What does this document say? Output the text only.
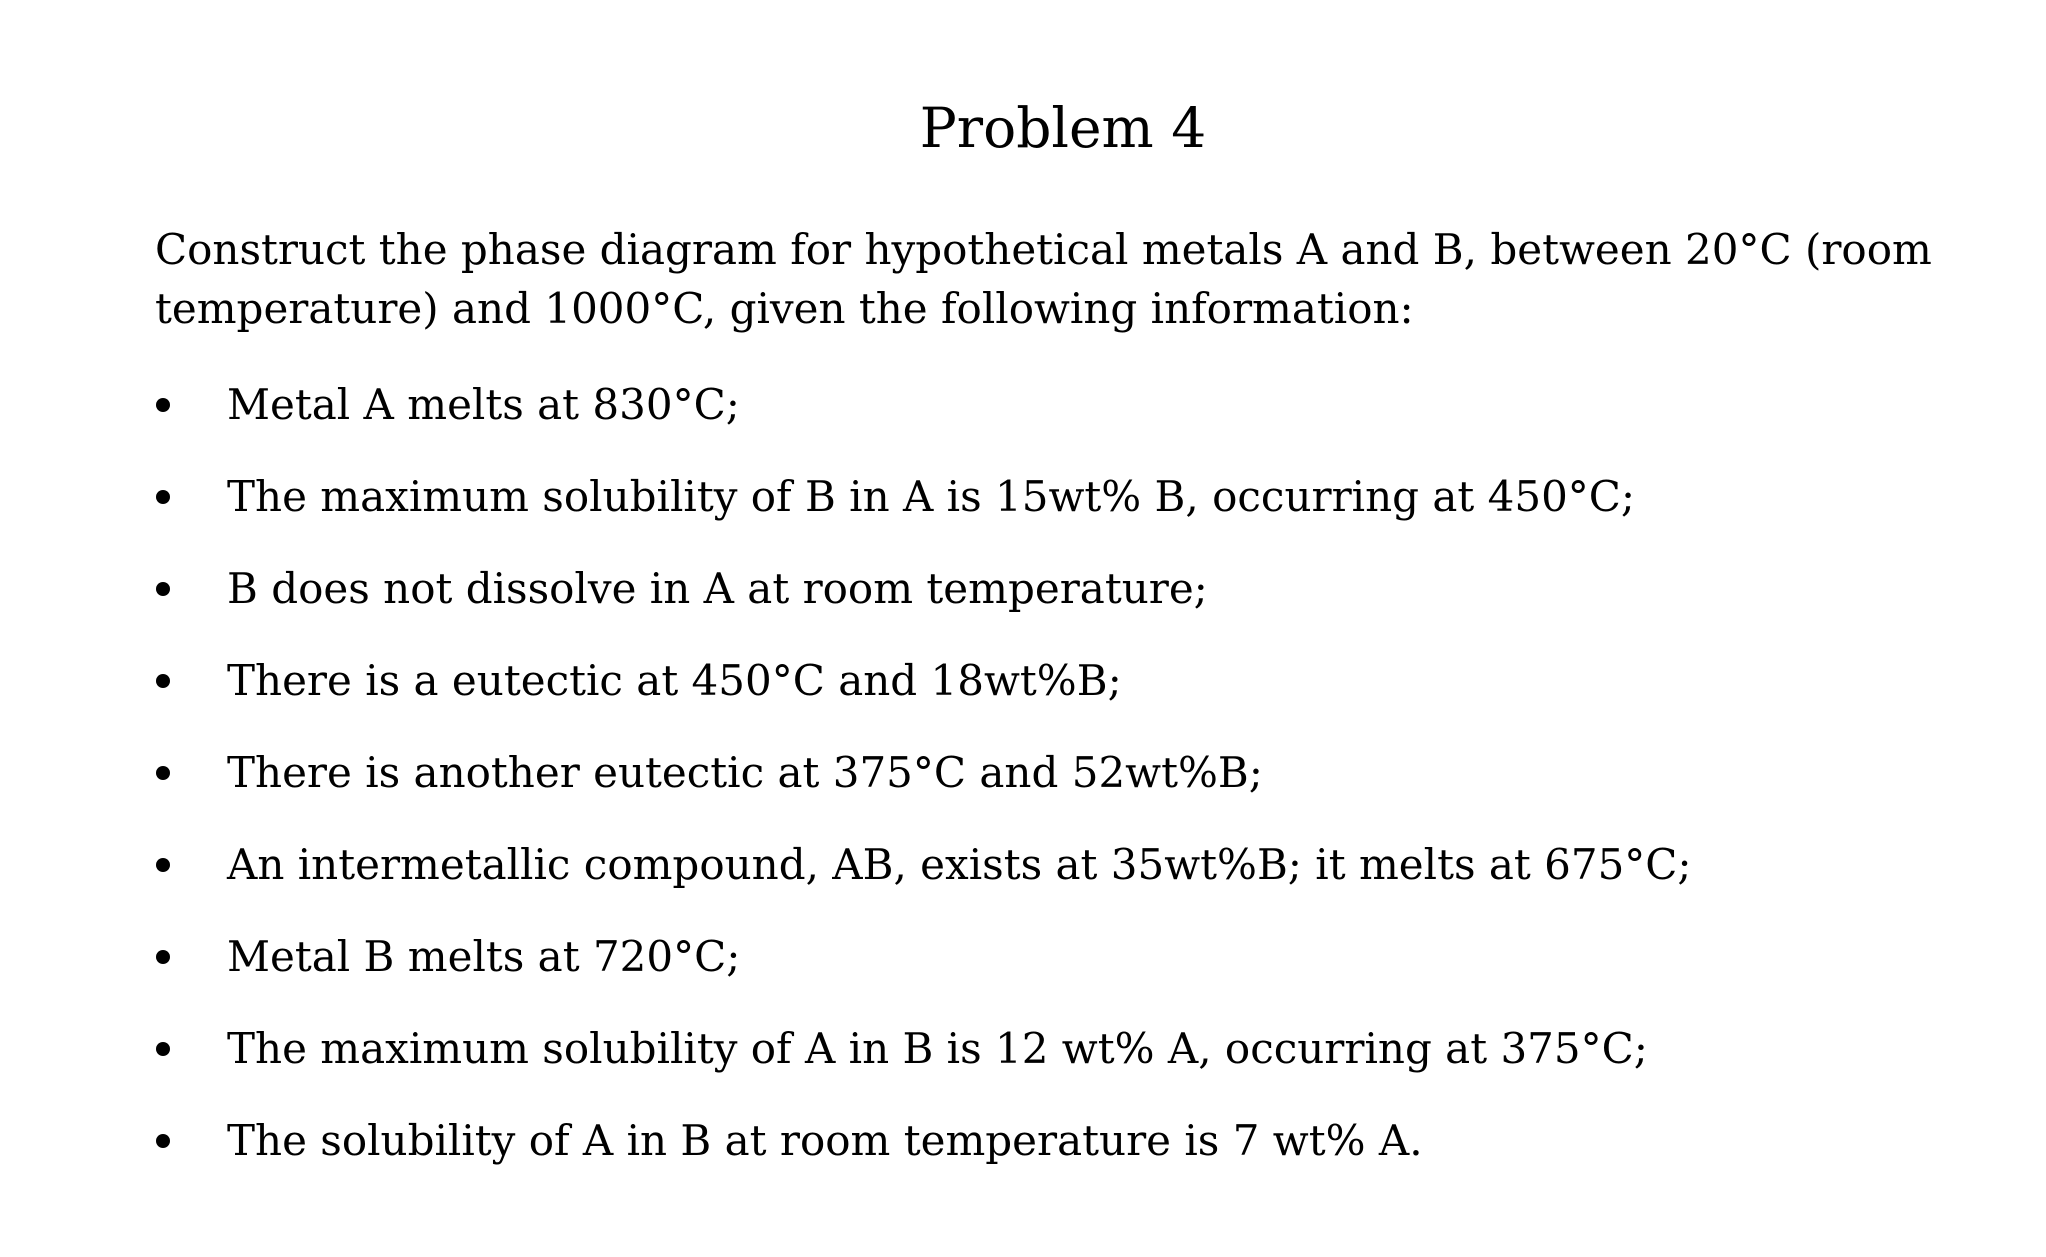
Problem 4

Construct the phase diagram for hypothetical metals A and B, between 20°C (room temperature) and 1000°C, given the following information:

Metal A melts at 830°C;
The maximum solubility of B in A is 15wt% B, occurring at 450°C;
B does not dissolve in A at room temperature;
There is a eutectic at 450°C and 18wt%B;
There is another eutectic at 375°C and 52wt%B;
An intermetallic compound, AB, exists at 35wt%B; it melts at 675°C;
Metal B melts at 720°C;
The maximum solubility of A in B is 12 wt% A, occurring at 375°C;
The solubility of A in B at room temperature is 7 wt% A.
